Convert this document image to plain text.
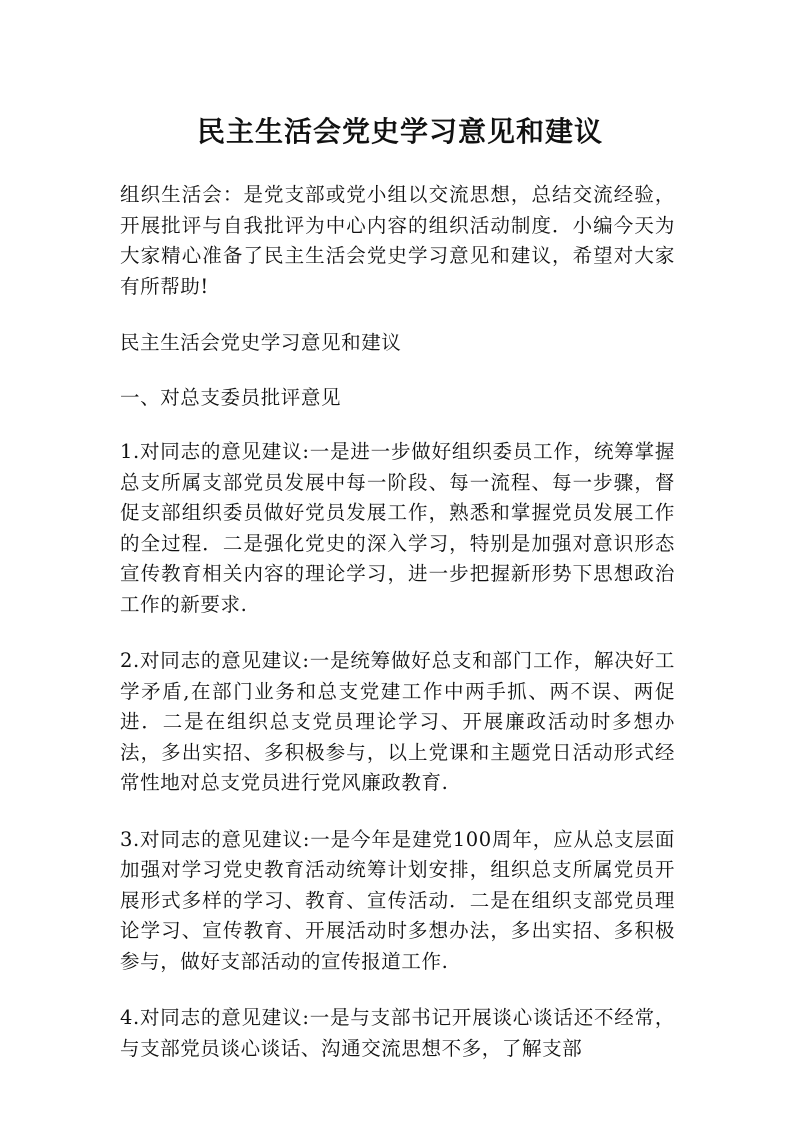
民主生活会党史学习意见和建议

组织生活会：是党支部或党小组以交流思想，总结交流经验，开展批评与自我批评为中心内容的组织活动制度．小编今天为大家精心准备了民主生活会党史学习意见和建议，希望对大家有所帮助!

民主生活会党史学习意见和建议

一、对总支委员批评意见

1.对同志的意见建议:一是进一步做好组织委员工作，统筹掌握总支所属支部党员发展中每一阶段、每一流程、每一步骤，督促支部组织委员做好党员发展工作，熟悉和掌握党员发展工作的全过程．二是强化党史的深入学习，特别是加强对意识形态宣传教育相关内容的理论学习，进一步把握新形势下思想政治工作的新要求.

2.对同志的意见建议:一是统筹做好总支和部门工作，解决好工学矛盾,在部门业务和总支党建工作中两手抓、两不误、两促进．二是在组织总支党员理论学习、开展廉政活动时多想办法，多出实招、多积极参与，以上党课和主题党日活动形式经常性地对总支党员进行党风廉政教育.

3.对同志的意见建议:一是今年是建党100周年，应从总支层面加强对学习党史教育活动统筹计划安排，组织总支所属党员开展形式多样的学习、教育、宣传活动．二是在组织支部党员理论学习、宣传教育、开展活动时多想办法，多出实招、多积极参与，做好支部活动的宣传报道工作.

4.对同志的意见建议:一是与支部书记开展谈心谈话还不经常，与支部党员谈心谈话、沟通交流思想不多，了解支部
